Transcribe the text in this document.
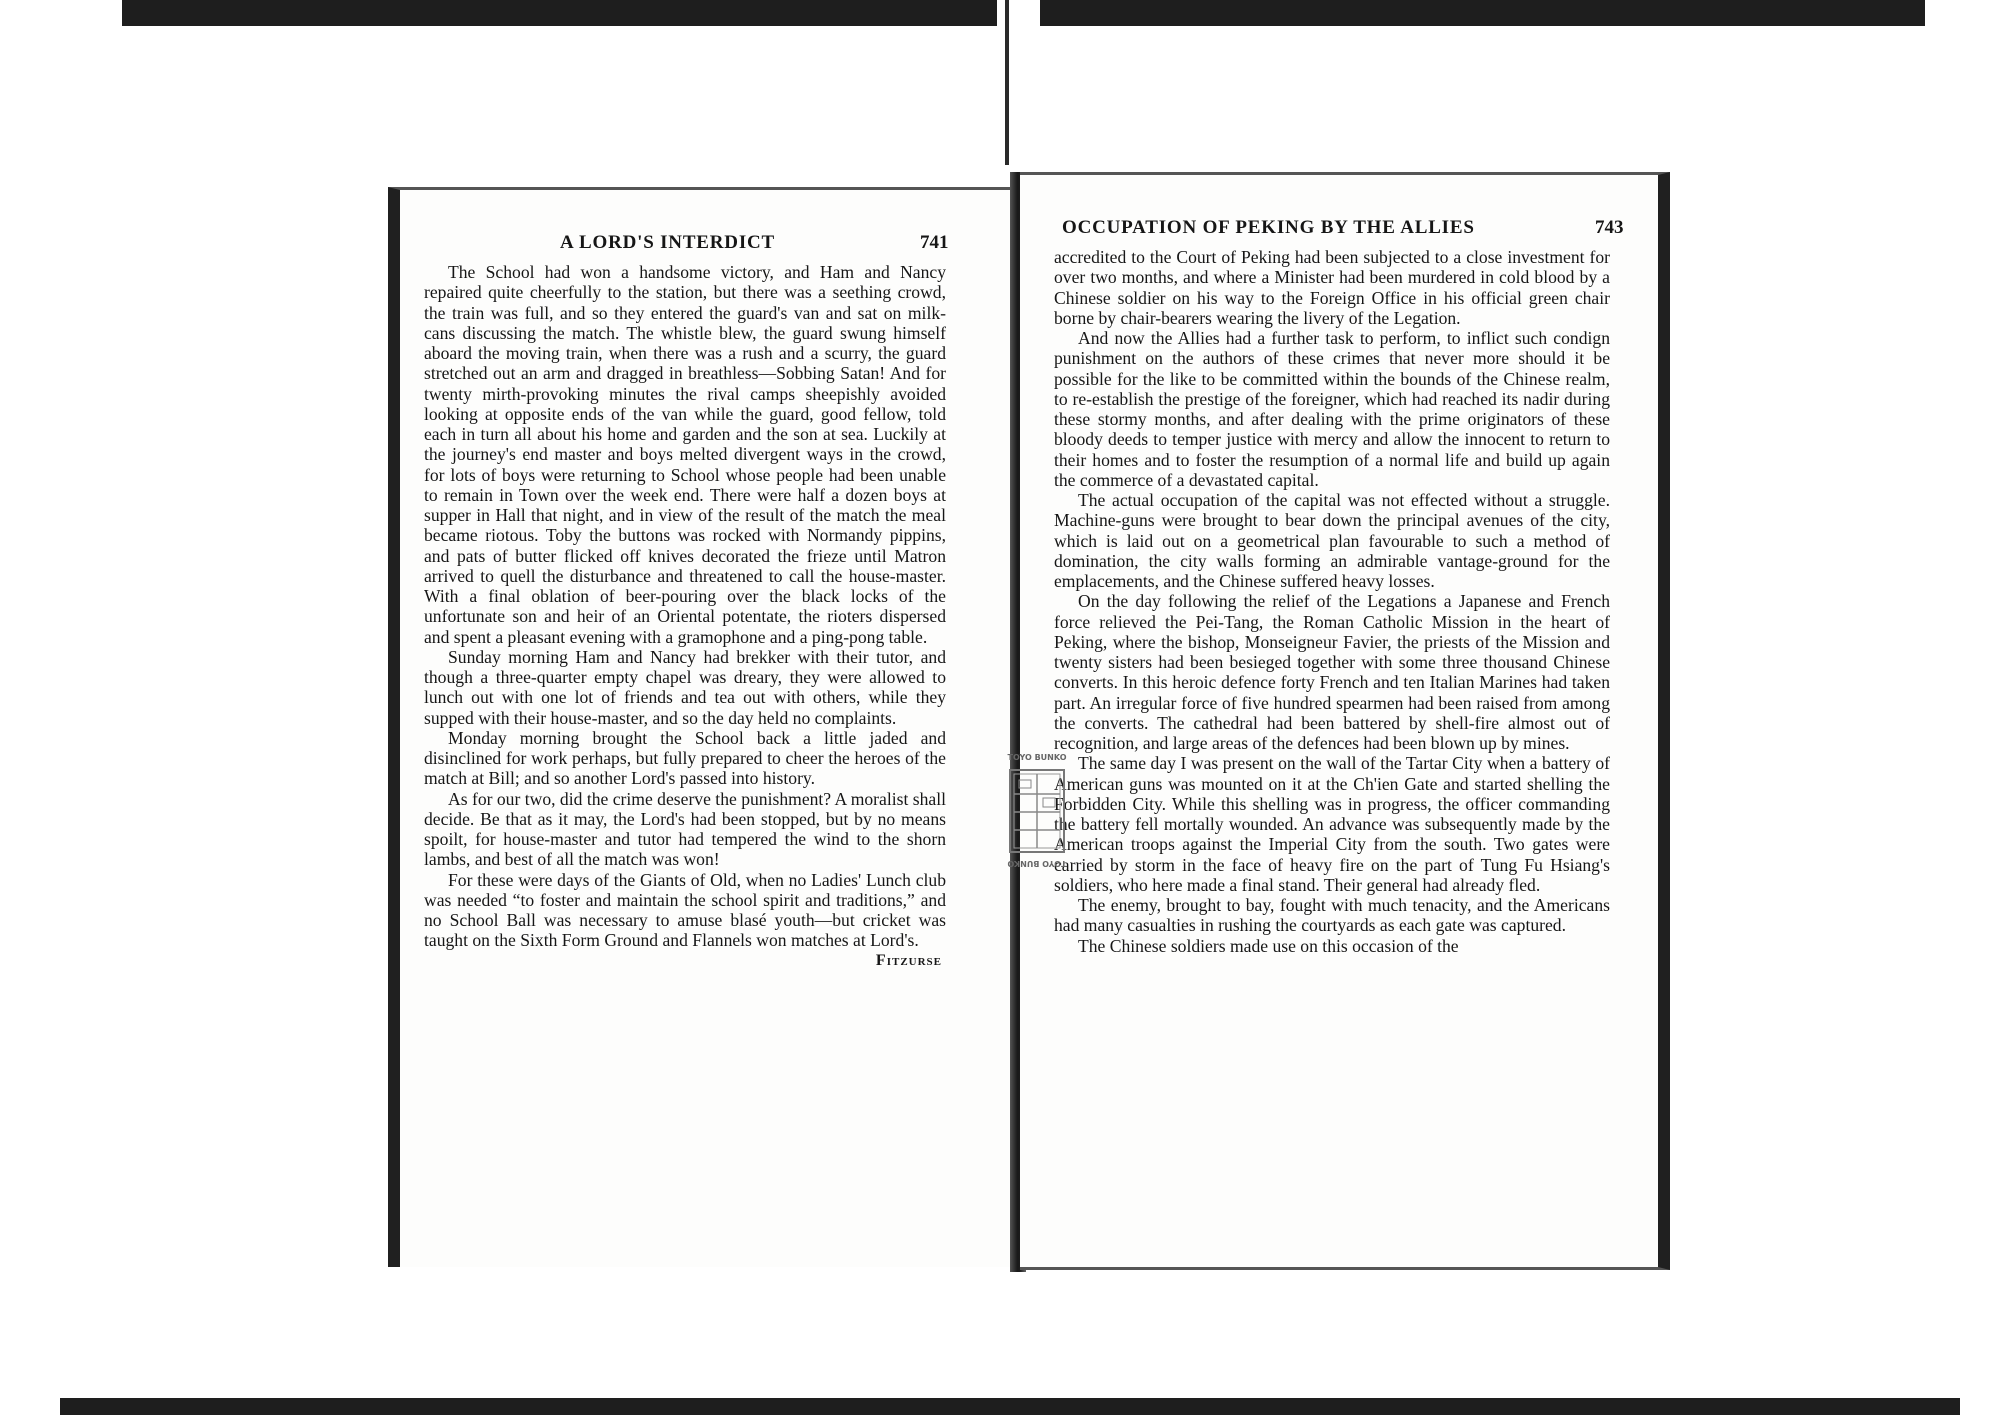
A LORD'S INTERDICT	741

The School had won a handsome victory, and Ham and Nancy repaired quite cheerfully to the station, but there was a seething crowd, the train was full, and so they entered the guard's van and sat on milk-cans discussing the match. The whistle blew, the guard swung himself aboard the moving train, when there was a rush and a scurry, the guard stretched out an arm and dragged in breathless—Sobbing Satan! And for twenty mirth-provoking minutes the rival camps sheepishly avoided looking at opposite ends of the van while the guard, good fellow, told each in turn all about his home and garden and the son at sea. Luckily at the journey's end master and boys melted divergent ways in the crowd, for lots of boys were returning to School whose people had been unable to remain in Town over the week end. There were half a dozen boys at supper in Hall that night, and in view of the result of the match the meal became riotous. Toby the buttons was rocked with Normandy pippins, and pats of butter flicked off knives decorated the frieze until Matron arrived to quell the disturbance and threatened to call the house-master. With a final oblation of beer-pouring over the black locks of the unfortunate son and heir of an Oriental potentate, the rioters dispersed and spent a pleasant evening with a gramophone and a ping-pong table.

Sunday morning Ham and Nancy had brekker with their tutor, and though a three-quarter empty chapel was dreary, they were allowed to lunch out with one lot of friends and tea out with others, while they supped with their house-master, and so the day held no complaints.

Monday morning brought the School back a little jaded and disinclined for work perhaps, but fully prepared to cheer the heroes of the match at Bill; and so another Lord's passed into history.

As for our two, did the crime deserve the punishment? A moralist shall decide. Be that as it may, the Lord's had been stopped, but by no means spoilt, for house-master and tutor had tempered the wind to the shorn lambs, and best of all the match was won!

For these were days of the Giants of Old, when no Ladies' Lunch club was needed “to foster and maintain the school spirit and traditions,” and no School Ball was necessary to amuse blasé youth—but cricket was taught on the Sixth Form Ground and Flannels won matches at Lord's.

Fitzurse
OCCUPATION OF PEKING BY THE ALLIES	743

accredited to the Court of Peking had been subjected to a close investment for over two months, and where a Minister had been murdered in cold blood by a Chinese soldier on his way to the Foreign Office in his official green chair borne by chair-bearers wearing the livery of the Legation.

And now the Allies had a further task to perform, to inflict such condign punishment on the authors of these crimes that never more should it be possible for the like to be committed within the bounds of the Chinese realm, to re-establish the prestige of the foreigner, which had reached its nadir during these stormy months, and after dealing with the prime originators of these bloody deeds to temper justice with mercy and allow the innocent to return to their homes and to foster the resumption of a normal life and build up again the commerce of a devastated capital.

The actual occupation of the capital was not effected without a struggle. Machine-guns were brought to bear down the principal avenues of the city, which is laid out on a geometrical plan favourable to such a method of domination, the city walls forming an admirable vantage-ground for the emplacements, and the Chinese suffered heavy losses.

On the day following the relief of the Legations a Japanese and French force relieved the Pei-Tang, the Roman Catholic Mission in the heart of Peking, where the bishop, Monseigneur Favier, the priests of the Mission and twenty sisters had been besieged together with some three thousand Chinese converts. In this heroic defence forty French and ten Italian Marines had taken part. An irregular force of five hundred spearmen had been raised from among the converts. The cathedral had been battered by shell-fire almost out of recognition, and large areas of the defences had been blown up by mines.

The same day I was present on the wall of the Tartar City when a battery of American guns was mounted on it at the Ch'ien Gate and started shelling the Forbidden City. While this shelling was in progress, the officer commanding the battery fell mortally wounded. An advance was subsequently made by the American troops against the Imperial City from the south. Two gates were carried by storm in the face of heavy fire on the part of Tung Fu Hsiang's soldiers, who here made a final stand. Their general had already fled.

The enemy, brought to bay, fought with much tenacity, and the Americans had many casualties in rushing the courtyards as each gate was captured.

The Chinese soldiers made use on this occasion of the

TOYO BUNKO
TOYO BUNKO
